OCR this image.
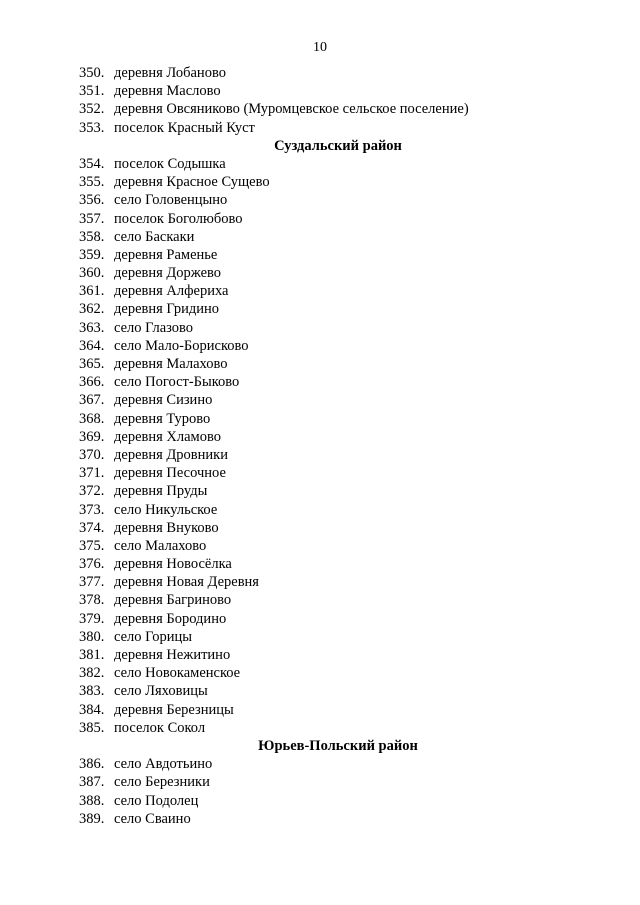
10
350. деревня Лобаново
351. деревня Маслово
352. деревня Овсяниково (Муромцевское сельское поселение)
353. поселок Красный Куст
Суздальский район
354. поселок Содышка
355. деревня Красное Сущево
356. село Головенцыно
357. поселок Боголюбово
358. село Баскаки
359. деревня Раменье
360. деревня Доржево
361. деревня Алфериха
362. деревня Гридино
363. село Глазово
364. село Мало-Борисково
365. деревня Малахово
366. село Погост-Быково
367. деревня Сизино
368. деревня Турово
369. деревня Хламово
370. деревня Дровники
371. деревня Песочное
372. деревня Пруды
373. село Никульское
374. деревня Внуково
375. село Малахово
376. деревня Новосёлка
377. деревня Новая Деревня
378. деревня Багриново
379. деревня Бородино
380. село Горицы
381. деревня Нежитино
382. село Новокаменское
383. село Ляховицы
384. деревня Березницы
385. поселок Сокол
Юрьев-Польский район
386. село Авдотьино
387. село Березники
388. село Подолец
389. село Сваино
